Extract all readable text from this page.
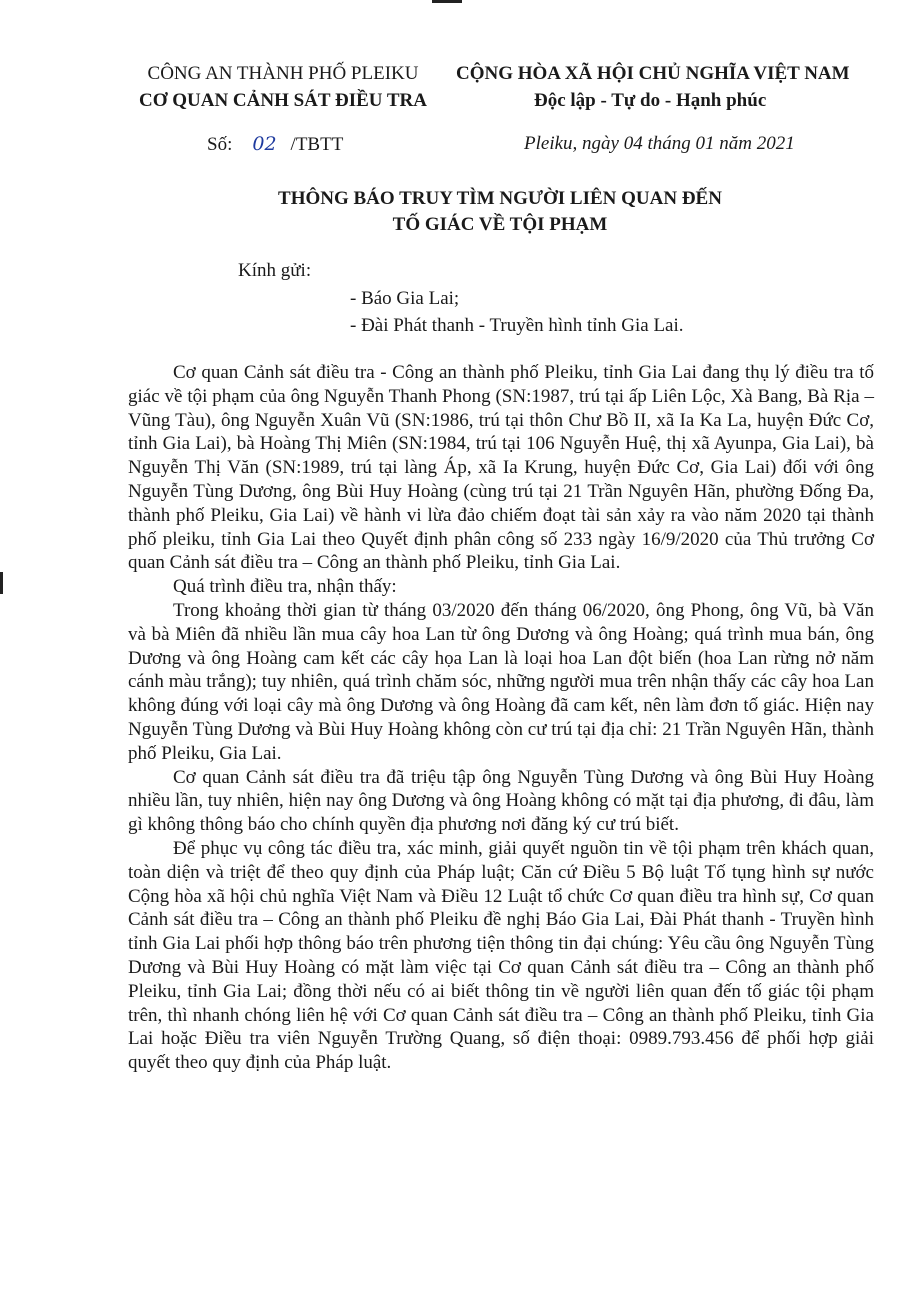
CÔNG AN THÀNH PHỐ PLEIKU
CƠ QUAN CẢNH SÁT ĐIỀU TRA
CỘNG HÒA XÃ HỘI CHỦ NGHĨA VIỆT NAM
Độc lập - Tự do - Hạnh phúc
Số: 02 /TBTT	Pleiku, ngày 04 tháng 01 năm 2021
THÔNG BÁO TRUY TÌM NGƯỜI LIÊN QUAN ĐẾN
TỐ GIÁC VỀ TỘI PHẠM
Kính gửi:
- Báo Gia Lai;
- Đài Phát thanh - Truyền hình tỉnh Gia Lai.

Cơ quan Cảnh sát điều tra - Công an thành phố Pleiku, tỉnh Gia Lai đang thụ lý điều tra tố giác về tội phạm của ông Nguyễn Thanh Phong (SN:1987, trú tại ấp Liên Lộc, Xà Bang, Bà Rịa – Vũng Tàu), ông Nguyễn Xuân Vũ (SN:1986, trú tại thôn Chư Bồ II, xã Ia Ka La, huyện Đức Cơ, tỉnh Gia Lai), bà Hoàng Thị Miên (SN:1984, trú tại 106 Nguyễn Huệ, thị xã Ayunpa, Gia Lai), bà Nguyễn Thị Văn (SN:1989, trú tại làng Áp, xã Ia Krung, huyện Đức Cơ, Gia Lai) đối với ông Nguyễn Tùng Dương, ông Bùi Huy Hoàng (cùng trú tại 21 Trần Nguyên Hãn, phường Đống Đa, thành phố Pleiku, Gia Lai) về hành vi lừa đảo chiếm đoạt tài sản xảy ra vào năm 2020 tại thành phố pleiku, tỉnh Gia Lai theo Quyết định phân công số 233 ngày 16/9/2020 của Thủ trưởng Cơ quan Cảnh sát điều tra – Công an thành phố Pleiku, tỉnh Gia Lai.

Quá trình điều tra, nhận thấy:

Trong khoảng thời gian từ tháng 03/2020 đến tháng 06/2020, ông Phong, ông Vũ, bà Văn và bà Miên đã nhiều lần mua cây hoa Lan từ ông Dương và ông Hoàng; quá trình mua bán, ông Dương và ông Hoàng cam kết các cây họa Lan là loại hoa Lan đột biến (hoa Lan rừng nở năm cánh màu trắng); tuy nhiên, quá trình chăm sóc, những người mua trên nhận thấy các cây hoa Lan không đúng với loại cây mà ông Dương và ông Hoàng đã cam kết, nên làm đơn tố giác. Hiện nay Nguyễn Tùng Dương và Bùi Huy Hoàng không còn cư trú tại địa chỉ: 21 Trần Nguyên Hãn, thành phố Pleiku, Gia Lai.

Cơ quan Cảnh sát điều tra đã triệu tập ông Nguyễn Tùng Dương và ông Bùi Huy Hoàng nhiều lần, tuy nhiên, hiện nay ông Dương và ông Hoàng không có mặt tại địa phương, đi đâu, làm gì không thông báo cho chính quyền địa phương nơi đăng ký cư trú biết.

Để phục vụ công tác điều tra, xác minh, giải quyết nguồn tin về tội phạm trên khách quan, toàn diện và triệt để theo quy định của Pháp luật; Căn cứ Điều 5 Bộ luật Tố tụng hình sự nước Cộng hòa xã hội chủ nghĩa Việt Nam và Điều 12 Luật tổ chức Cơ quan điều tra hình sự, Cơ quan Cảnh sát điều tra – Công an thành phố Pleiku đề nghị Báo Gia Lai, Đài Phát thanh - Truyền hình tỉnh Gia Lai phối hợp thông báo trên phương tiện thông tin đại chúng: Yêu cầu ông Nguyễn Tùng Dương và Bùi Huy Hoàng có mặt làm việc tại Cơ quan Cảnh sát điều tra – Công an thành phố Pleiku, tỉnh Gia Lai; đồng thời nếu có ai biết thông tin về người liên quan đến tố giác tội phạm trên, thì nhanh chóng liên hệ với Cơ quan Cảnh sát điều tra – Công an thành phố Pleiku, tỉnh Gia Lai hoặc Điều tra viên Nguyễn Trường Quang, số điện thoại: 0989.793.456 để phối hợp giải quyết theo quy định của Pháp luật.
